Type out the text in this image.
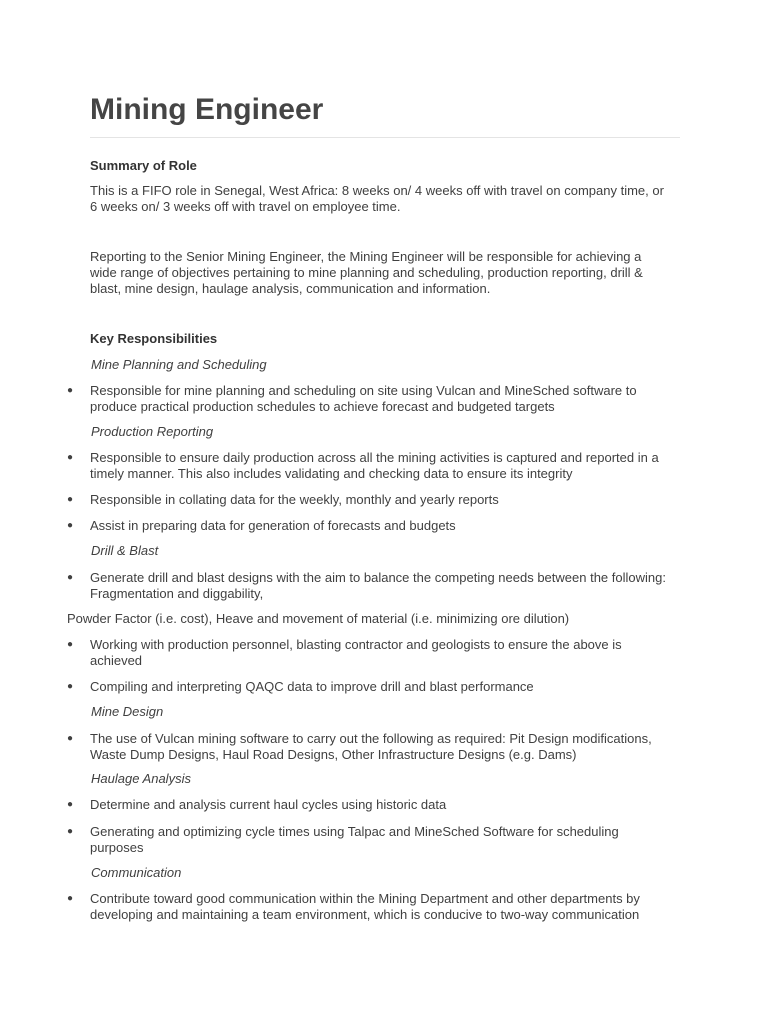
Mining Engineer
Summary of Role
This is a FIFO role in Senegal, West Africa: 8 weeks on/ 4 weeks off with travel on company time, or
6 weeks on/ 3 weeks off with travel on employee time.
Reporting to the Senior Mining Engineer, the Mining Engineer will be responsible for achieving a
wide range of objectives pertaining to mine planning and scheduling, production reporting, drill &
blast, mine design, haulage analysis, communication and information.
Key Responsibilities
Mine Planning and Scheduling
● Responsible for mine planning and scheduling on site using Vulcan and MineSched software to
produce practical production schedules to achieve forecast and budgeted targets
Production Reporting
● Responsible to ensure daily production across all the mining activities is captured and reported in a
timely manner. This also includes validating and checking data to ensure its integrity
● Responsible in collating data for the weekly, monthly and yearly reports
● Assist in preparing data for generation of forecasts and budgets
Drill & Blast
● Generate drill and blast designs with the aim to balance the competing needs between the following:
Fragmentation and diggability,
Powder Factor (i.e. cost), Heave and movement of material (i.e. minimizing ore dilution)
● Working with production personnel, blasting contractor and geologists to ensure the above is
achieved
● Compiling and interpreting QAQC data to improve drill and blast performance
Mine Design
● The use of Vulcan mining software to carry out the following as required: Pit Design modifications,
Waste Dump Designs, Haul Road Designs, Other Infrastructure Designs (e.g. Dams)
Haulage Analysis
● Determine and analysis current haul cycles using historic data
● Generating and optimizing cycle times using Talpac and MineSched Software for scheduling
purposes
Communication
● Contribute toward good communication within the Mining Department and other departments by
developing and maintaining a team environment, which is conducive to two-way communication
